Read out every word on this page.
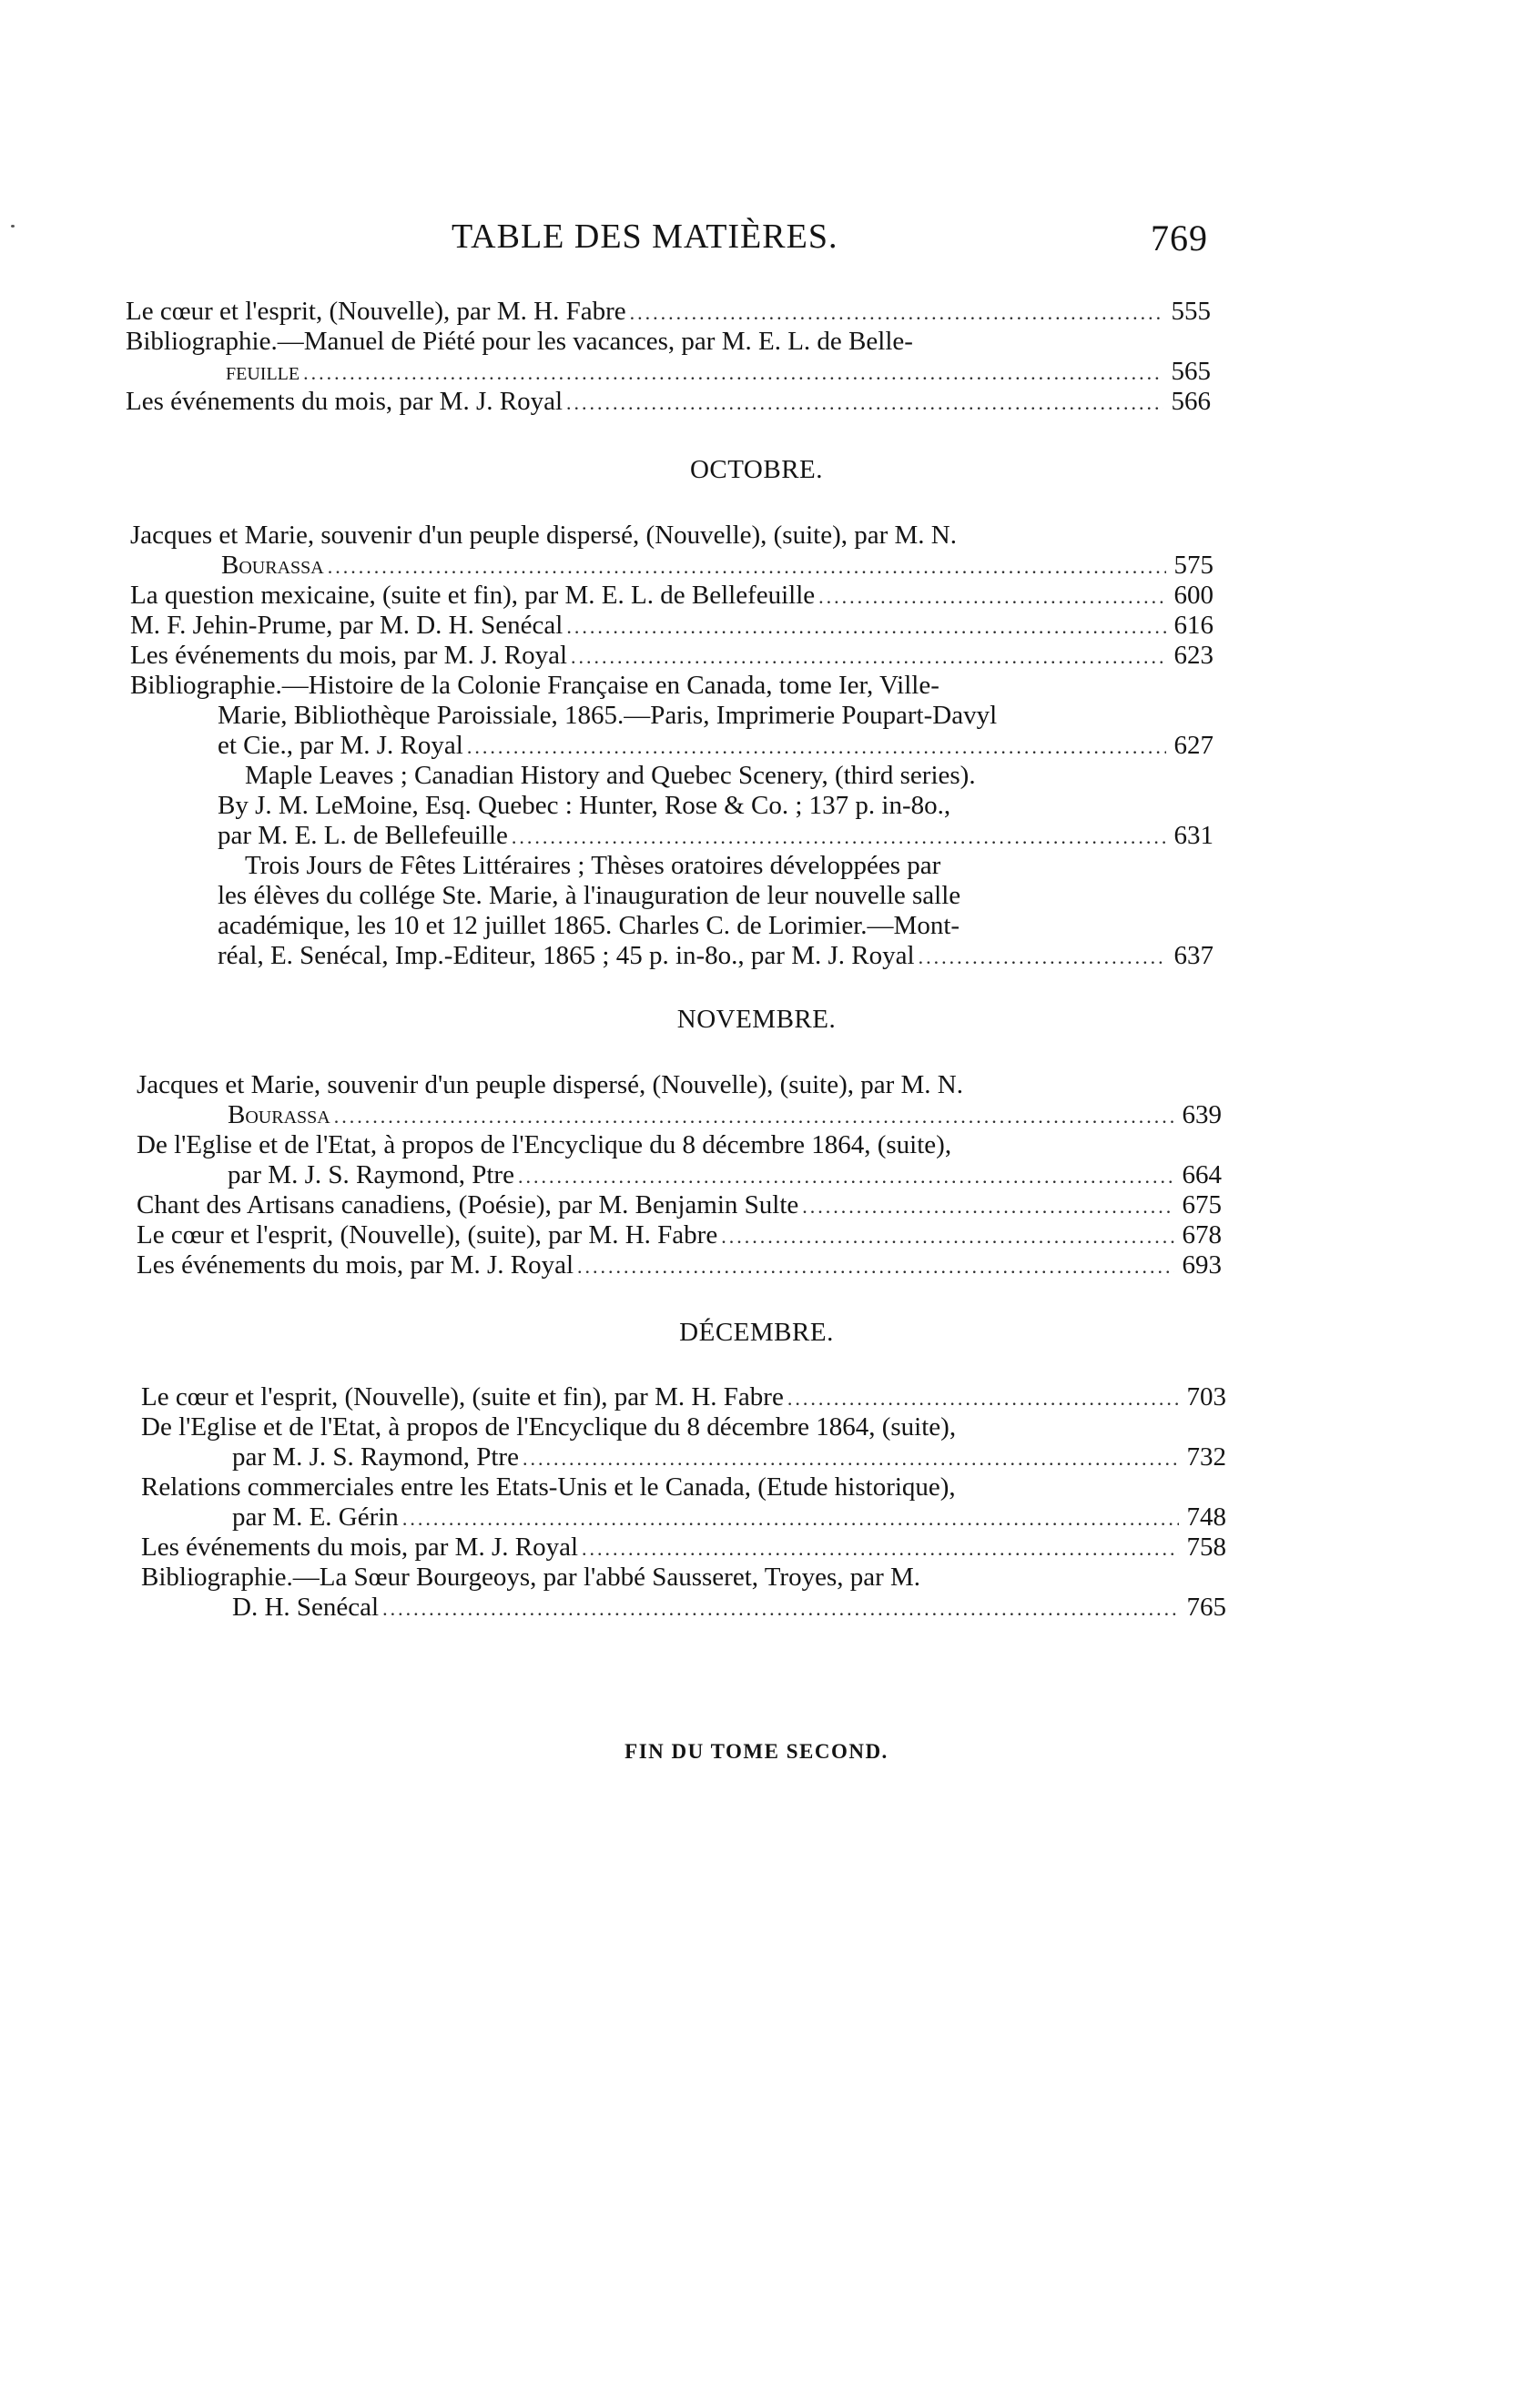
TABLE DES MATIÈRES.	769
Le cœur et l'esprit, (Nouvelle), par M. H. Fabre .....	555
Bibliographie.—Manuel de Piété pour les vacances, par M. E. L. de Belle-
feuille .....	565
Les événements du mois, par M. J. Royal .....	566
OCTOBRE.
Jacques et Marie, souvenir d'un peuple dispersé, (Nouvelle), (suite), par M. N.
Bourassa .....	575
La question mexicaine, (suite et fin), par M. E. L. de Bellefeuille .....	600
M. F. Jehin-Prume, par M. D. H. Senécal .....	616
Les événements du mois, par M. J. Royal .....	623
Bibliographie.—Histoire de la Colonie Française en Canada, tome Ier, Ville-
Marie, Bibliothèque Paroissiale, 1865.—Paris, Imprimerie Poupart-Davyl
et Cie., par M. J. Royal .....	627
Maple Leaves ; Canadian History and Quebec Scenery, (third series).
By J. M. LeMoine, Esq. Quebec : Hunter, Rose & Co. ; 137 p. in-8o.,
par M. E. L. de Bellefeuille .....	631
Trois Jours de Fêtes Littéraires ; Thèses oratoires développées par
les élèves du collége Ste. Marie, à l'inauguration de leur nouvelle salle
académique, les 10 et 12 juillet 1865. Charles C. de Lorimier.—Mont-
réal, E. Senécal, Imp.-Editeur, 1865 ; 45 p. in-8o., par M. J. Royal .....	637
NOVEMBRE.
Jacques et Marie, souvenir d'un peuple dispersé, (Nouvelle), (suite), par M. N.
Bourassa .....	639
De l'Eglise et de l'Etat, à propos de l'Encyclique du 8 décembre 1864, (suite),
par M. J. S. Raymond, Ptre .....	664
Chant des Artisans canadiens, (Poésie), par M. Benjamin Sulte .....	675
Le cœur et l'esprit, (Nouvelle), (suite), par M. H. Fabre .....	678
Les événements du mois, par M. J. Royal .....	693
DÉCEMBRE.
Le cœur et l'esprit, (Nouvelle), (suite et fin), par M. H. Fabre .....	703
De l'Eglise et de l'Etat, à propos de l'Encyclique du 8 décembre 1864, (suite),
par M. J. S. Raymond, Ptre .....	732
Relations commerciales entre les Etats-Unis et le Canada, (Etude historique),
par M. E. Gérin .....	748
Les événements du mois, par M. J. Royal .....	758
Bibliographie.—La Sœur Bourgeoys, par l'abbé Sausseret, Troyes, par M.
D. H. Senécal .....	765
FIN DU TOME SECOND.
